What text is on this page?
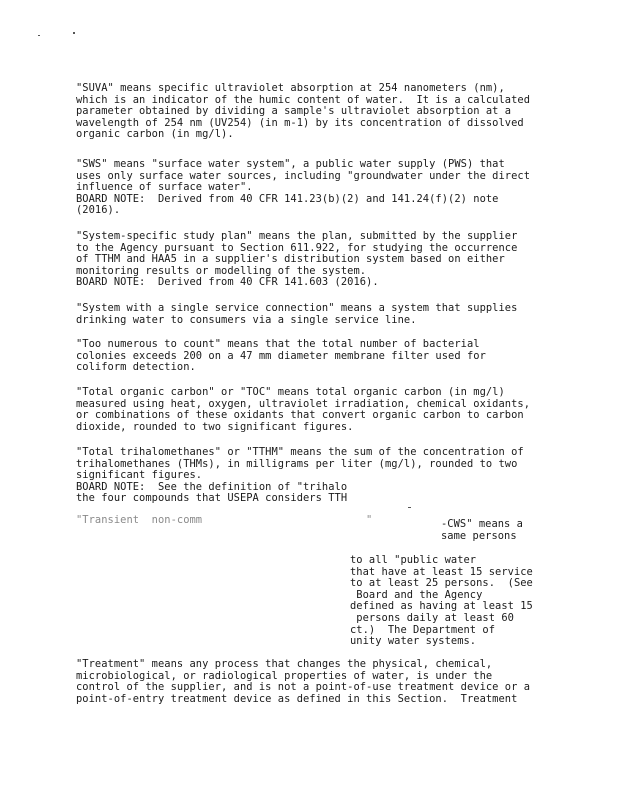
"SUVA" means specific ultraviolet absorption at 254 nanometers (nm),
which is an indicator of the humic content of water.  It is a calculated
parameter obtained by dividing a sample's ultraviolet absorption at a
wavelength of 254 nm (UV254) (in m-1) by its concentration of dissolved
organic carbon (in mg/l).
"SWS" means "surface water system", a public water supply (PWS) that
uses only surface water sources, including "groundwater under the direct
influence of surface water".
BOARD NOTE:  Derived from 40 CFR 141.23(b)(2) and 141.24(f)(2) note
(2016).
"System-specific study plan" means the plan, submitted by the supplier
to the Agency pursuant to Section 611.922, for studying the occurrence
of TTHM and HAA5 in a supplier's distribution system based on either
monitoring results or modelling of the system.
BOARD NOTE:  Derived from 40 CFR 141.603 (2016).
"System with a single service connection" means a system that supplies
drinking water to consumers via a single service line.
"Too numerous to count" means that the total number of bacterial
colonies exceeds 200 on a 47 mm diameter membrane filter used for
coliform detection.
"Total organic carbon" or "TOC" means total organic carbon (in mg/l)
measured using heat, oxygen, ultraviolet irradiation, chemical oxidants,
or combinations of these oxidants that convert organic carbon to carbon
dioxide, rounded to two significant figures.
"Total trihalomethanes" or "TTHM" means the sum of the concentration of
trihalomethanes (THMs), in milligrams per liter (mg/l), rounded to two
significant figures.
BOARD NOTE:  See the definition of "trihalo
the four compounds that USEPA considers TTH
"Transient  non-comm                          "	-CWS" means a
same persons
to all "public water
that have at least 15 service
to at least 25 persons.  (See
Board and the Agency
defined as having at least 15
persons daily at least 60
ct.)  The Department of
unity water systems.
"Treatment" means any process that changes the physical, chemical,
microbiological, or radiological properties of water, is under the
control of the supplier, and is not a point-of-use treatment device or a
point-of-entry treatment device as defined in this Section.  Treatment
